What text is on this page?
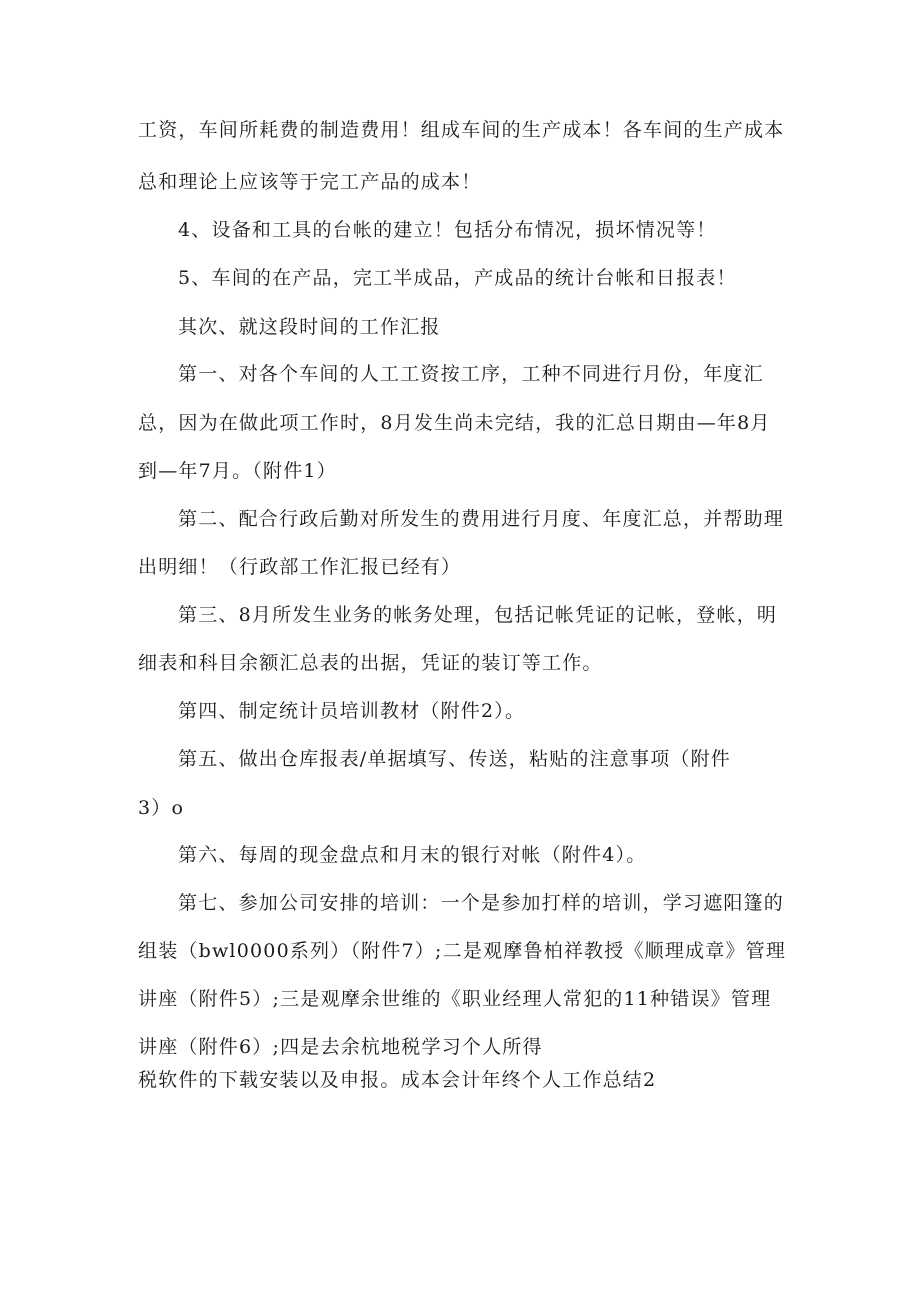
工资，车间所耗费的制造费用！组成车间的生产成本！各车间的生产成本
总和理论上应该等于完工产品的成本！
4、设备和工具的台帐的建立！包括分布情况，损坏情况等！
5、车间的在产品，完工半成品，产成品的统计台帐和日报表！
其次、就这段时间的工作汇报
第一、对各个车间的人工工资按工序，工种不同进行月份，年度汇
总，因为在做此项工作时，8月发生尚未完结，我的汇总日期由—年8月
到—年7月。（附件1）
第二、配合行政后勤对所发生的费用进行月度、年度汇总，并帮助理
出明细！（行政部工作汇报已经有）
第三、8月所发生业务的帐务处理，包括记帐凭证的记帐，登帐，明
细表和科目余额汇总表的出据，凭证的装订等工作。
第四、制定统计员培训教材（附件2）。
第五、做出仓库报表/单据填写、传送，粘贴的注意事项（附件
3）o
第六、每周的现金盘点和月末的银行对帐（附件4）。
第七、参加公司安排的培训：一个是参加打样的培训，学习遮阳篷的
组装（bwl0000系列）（附件7）;二是观摩鲁柏祥教授《顺理成章》管理
讲座（附件5）;三是观摩余世维的《职业经理人常犯的11种错误》管理
讲座（附件6）;四是去余杭地税学习个人所得
税软件的下载安装以及申报。成本会计年终个人工作总结2
